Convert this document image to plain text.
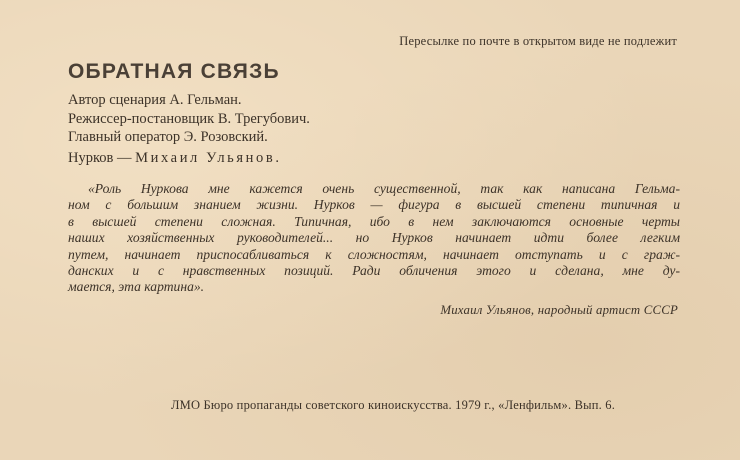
Пересылке по почте в открытом виде не подлежит
ОБРАТНАЯ СВЯЗЬ
Автор сценария А. Гельман.
Режиссер-постановщик В. Трегубович.
Главный оператор Э. Розовский.
Нурков — Михаил Ульянов.
«Роль Нуркова мне кажется очень существенной, так как написана Гельма-
ном с большим знанием жизни. Нурков — фигура в высшей степени типичная и
в высшей степени сложная. Типичная, ибо в нем заключаются основные черты
наших хозяйственных руководителей... но Нурков начинает идти более легким
путем, начинает приспосабливаться к сложностям, начинает отступать и с граж-
данских и с нравственных позиций. Ради обличения этого и сделана, мне ду-
мается, эта картина».
Михаил Ульянов, народный артист СССР
ЛМО Бюро пропаганды советского киноискусства. 1979 г., «Ленфильм». Вып. 6.
